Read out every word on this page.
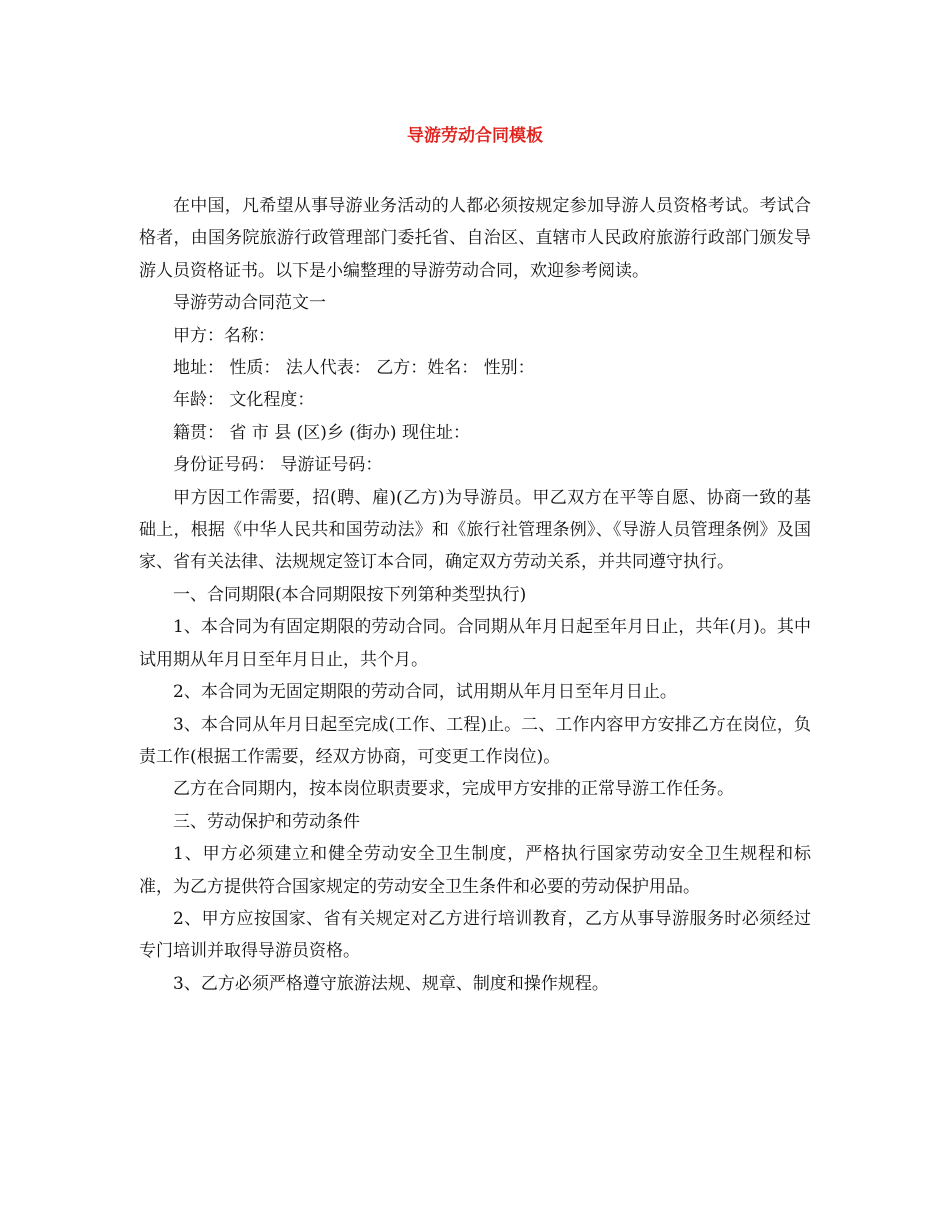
导游劳动合同模板

在中国，凡希望从事导游业务活动的人都必须按规定参加导游人员资格考试。考试合格者，由国务院旅游行政管理部门委托省、自治区、直辖市人民政府旅游行政部门颁发导游人员资格证书。以下是小编整理的导游劳动合同，欢迎参考阅读。

导游劳动合同范文一

甲方：名称：

地址： 性质： 法人代表： 乙方：姓名： 性别：

年龄： 文化程度：

籍贯： 省 市 县 (区)乡 (街办) 现住址：

身份证号码： 导游证号码：

甲方因工作需要，招(聘、雇)(乙方)为导游员。甲乙双方在平等自愿、协商一致的基础上，根据《中华人民共和国劳动法》和《旅行社管理条例》、《导游人员管理条例》及国家、省有关法律、法规规定签订本合同，确定双方劳动关系，并共同遵守执行。

一、合同期限(本合同期限按下列第种类型执行)

1、本合同为有固定期限的劳动合同。合同期从年月日起至年月日止，共年(月)。其中试用期从年月日至年月日止，共个月。

2、本合同为无固定期限的劳动合同，试用期从年月日至年月日止。

3、本合同从年月日起至完成(工作、工程)止。二、工作内容甲方安排乙方在岗位，负责工作(根据工作需要，经双方协商，可变更工作岗位)。

乙方在合同期内，按本岗位职责要求，完成甲方安排的正常导游工作任务。

三、劳动保护和劳动条件

1、甲方必须建立和健全劳动安全卫生制度，严格执行国家劳动安全卫生规程和标准，为乙方提供符合国家规定的劳动安全卫生条件和必要的劳动保护用品。

2、甲方应按国家、省有关规定对乙方进行培训教育，乙方从事导游服务时必须经过专门培训并取得导游员资格。

3、乙方必须严格遵守旅游法规、规章、制度和操作规程。
